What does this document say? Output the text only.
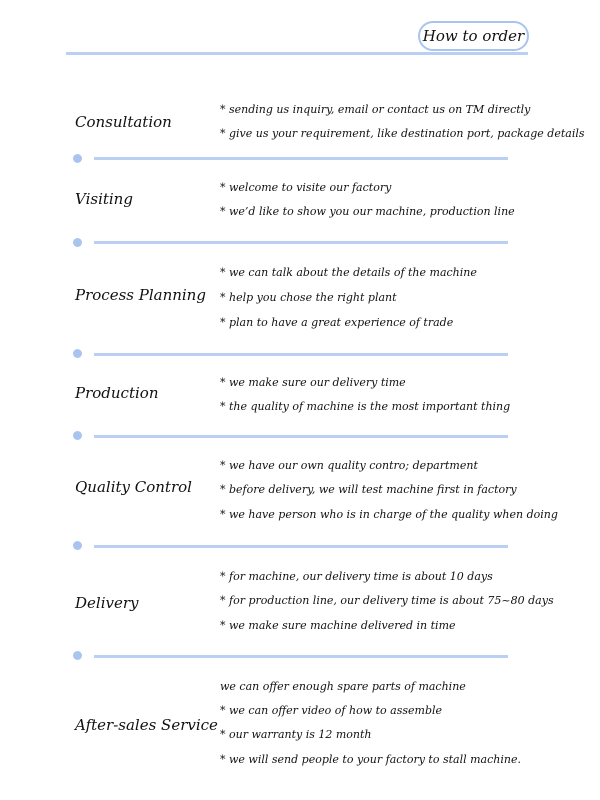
How to order
Consultation
* sending us inquiry, email or contact us on TM directly
* give us your requirement, like destination port, package details
Visiting
* welcome to visite our factory
* we’d like to show you our machine, production line
Process Planning
* we can talk about the details of the machine
* help you chose the right plant
* plan to have a great experience of trade
Production
* we make sure our delivery time
* the quality of machine is the most important thing
Quality Control
* we have our own quality contro; department
* before delivery, we will test machine first in factory
* we have person who is in charge of the quality when doing
Delivery
* for machine, our delivery time is about 10 days
* for production line, our delivery time is about 75~80 days
* we make sure machine delivered in time
After-sales Service
we can offer enough spare parts of machine
* we can offer video of how to assemble
* our warranty is 12 month
* we will send people to your factory to stall machine.
